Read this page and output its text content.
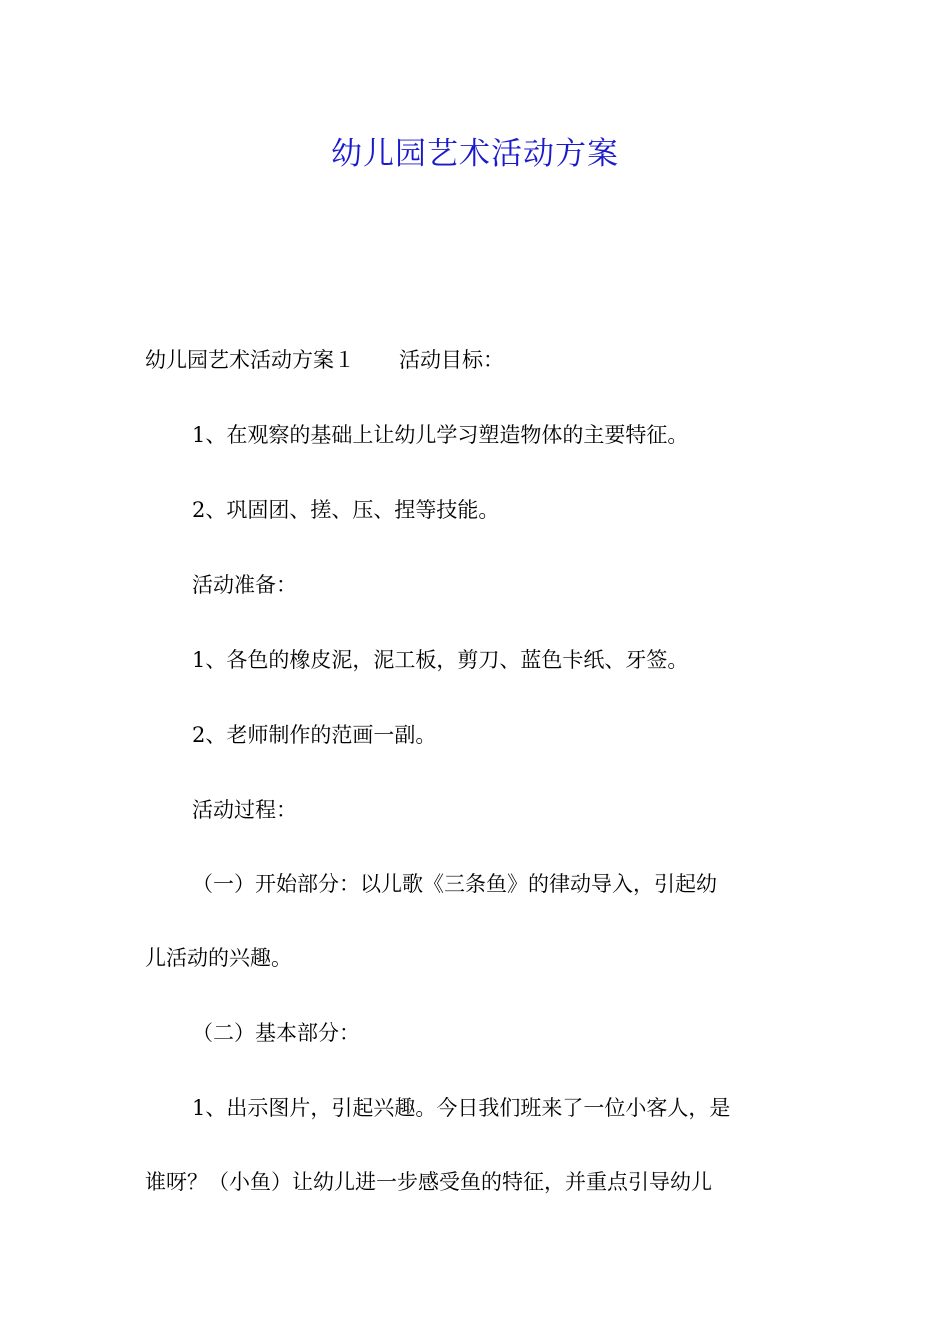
幼儿园艺术活动方案
幼儿园艺术活动方案１ 活动目标：
1、在观察的基础上让幼儿学习塑造物体的主要特征。
2、巩固团、搓、压、捏等技能。
活动准备：
1、各色的橡皮泥，泥工板，剪刀、蓝色卡纸、牙签。
2、老师制作的范画一副。
活动过程：
（一）开始部分：以儿歌《三条鱼》的律动导入，引起幼
儿活动的兴趣。
（二）基本部分：
1、出示图片，引起兴趣。今日我们班来了一位小客人，是
谁呀？（小鱼）让幼儿进一步感受鱼的特征，并重点引导幼儿
